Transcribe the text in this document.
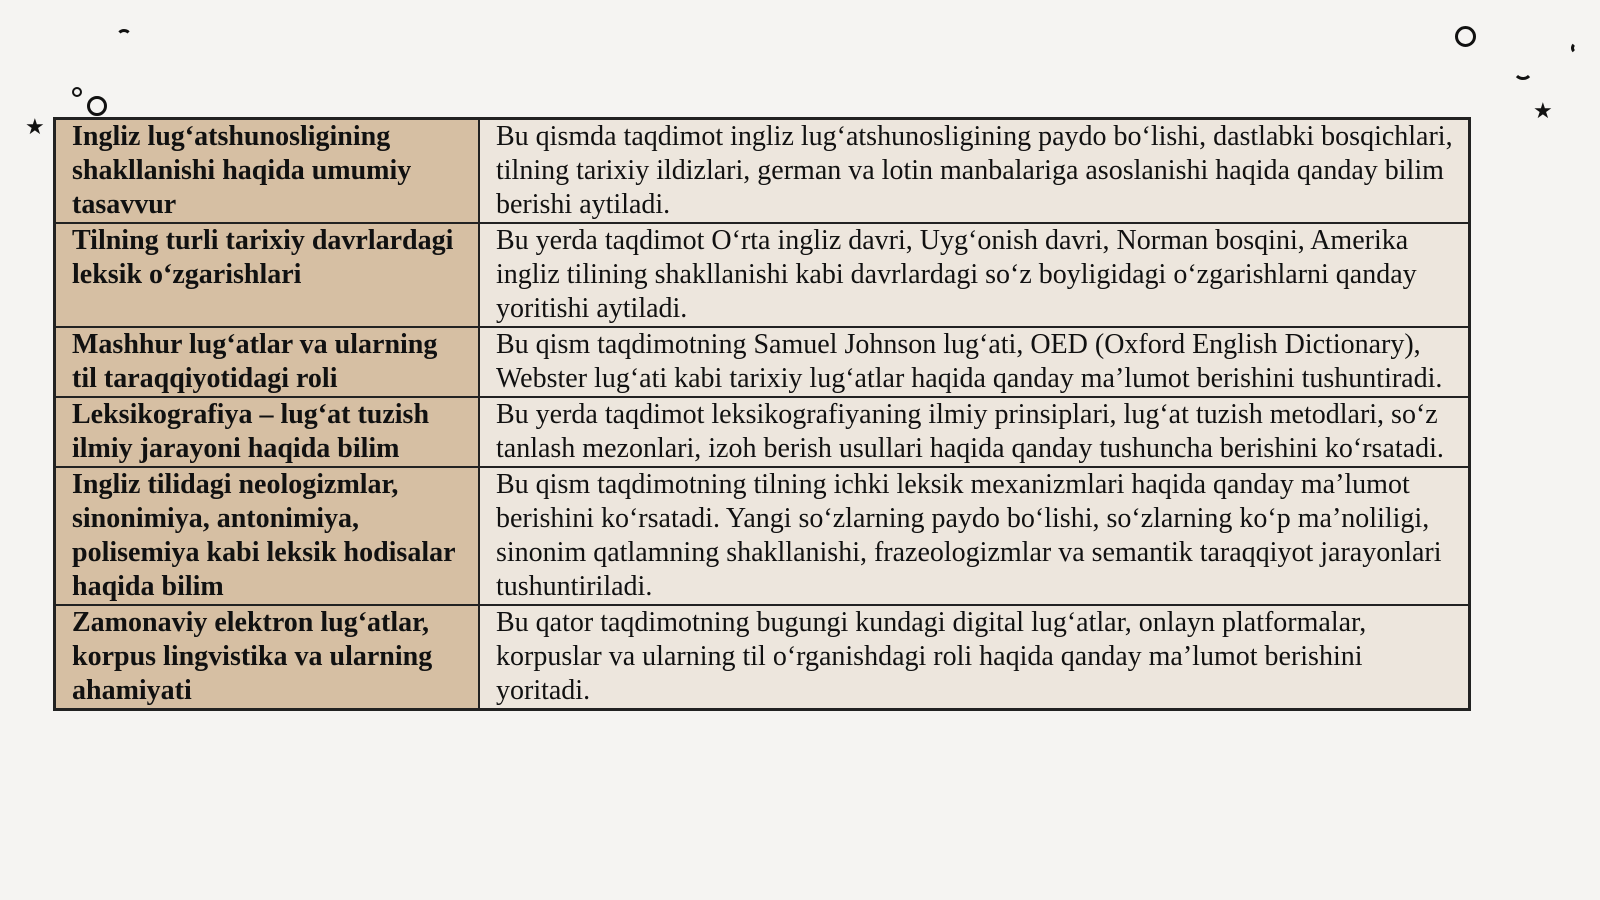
★
★
Ingliz lug‘atshunosligining shakllanishi haqida umumiy tasavvur	Bu qismda taqdimot ingliz lug‘atshunosligining paydo bo‘lishi, dastlabki bosqichlari, tilning tarixiy ildizlari, german va lotin manbalariga asoslanishi haqida qanday bilim berishi aytiladi.
Tilning turli tarixiy davrlardagi leksik o‘zgarishlari	Bu yerda taqdimot O‘rta ingliz davri, Uyg‘onish davri, Norman bosqini, Amerika ingliz tilining shakllanishi kabi davrlardagi so‘z boyligidagi o‘zgarishlarni qanday yoritishi aytiladi.
Mashhur lug‘atlar va ularning til taraqqiyotidagi roli	Bu qism taqdimotning Samuel Johnson lug‘ati, OED (Oxford English Dictionary), Webster lug‘ati kabi tarixiy lug‘atlar haqida qanday ma’lumot berishini tushuntiradi.
Leksikografiya – lug‘at tuzish ilmiy jarayoni haqida bilim	Bu yerda taqdimot leksikografiyaning ilmiy prinsiplari, lug‘at tuzish metodlari, so‘z tanlash mezonlari, izoh berish usullari haqida qanday tushuncha berishini ko‘rsatadi.
Ingliz tilidagi neologizmlar, sinonimiya, antonimiya, polisemiya kabi leksik hodisalar haqida bilim	Bu qism taqdimotning tilning ichki leksik mexanizmlari haqida qanday ma’lumot berishini ko‘rsatadi. Yangi so‘zlarning paydo bo‘lishi, so‘zlarning ko‘p ma’noliligi, sinonim qatlamning shakllanishi, frazeologizmlar va semantik taraqqiyot jarayonlari tushuntiriladi.
Zamonaviy elektron lug‘atlar, korpus lingvistika va ularning ahamiyati	Bu qator taqdimotning bugungi kundagi digital lug‘atlar, onlayn platformalar, korpuslar va ularning til o‘rganishdagi roli haqida qanday ma’lumot berishini yoritadi.
